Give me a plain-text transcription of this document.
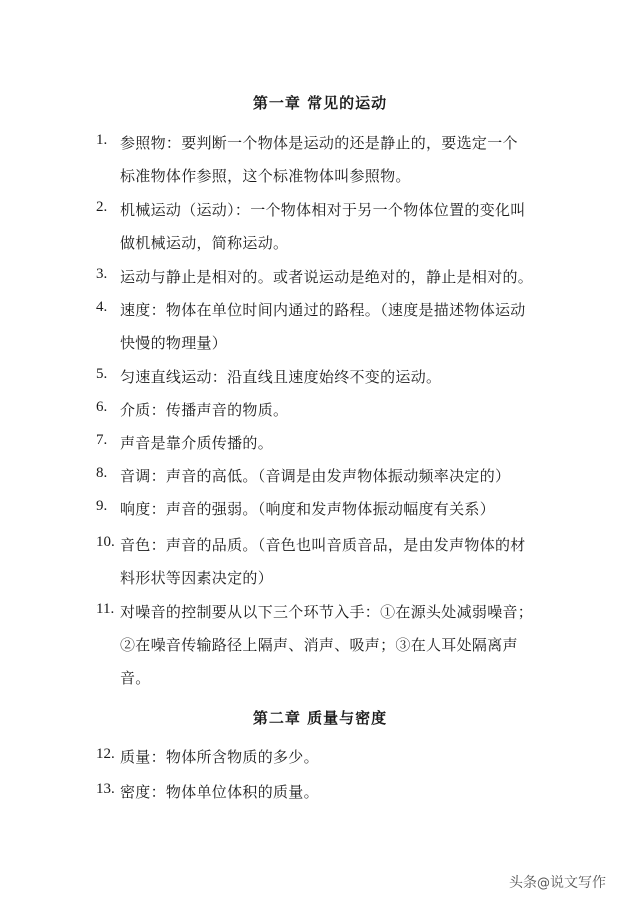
第一章 常见的运动
1. 参照物：要判断一个物体是运动的还是静止的，要选定一个
标准物体作参照，这个标准物体叫参照物。
2. 机械运动（运动）：一个物体相对于另一个物体位置的变化叫
做机械运动，简称运动。
3. 运动与静止是相对的。或者说运动是绝对的，静止是相对的。
4. 速度：物体在单位时间内通过的路程。（速度是描述物体运动
快慢的物理量）
5. 匀速直线运动：沿直线且速度始终不变的运动。
6. 介质：传播声音的物质。
7. 声音是靠介质传播的。
8. 音调：声音的高低。（音调是由发声物体振动频率决定的）
9. 响度：声音的强弱。（响度和发声物体振动幅度有关系）
10. 音色：声音的品质。（音色也叫音质音品，是由发声物体的材
料形状等因素决定的）
11. 对噪音的控制要从以下三个环节入手：①在源头处减弱噪音；
②在噪音传输路径上隔声、消声、吸声；③在人耳处隔离声
音。
第二章 质量与密度
12. 质量：物体所含物质的多少。
13. 密度：物体单位体积的质量。
头条@说文写作
